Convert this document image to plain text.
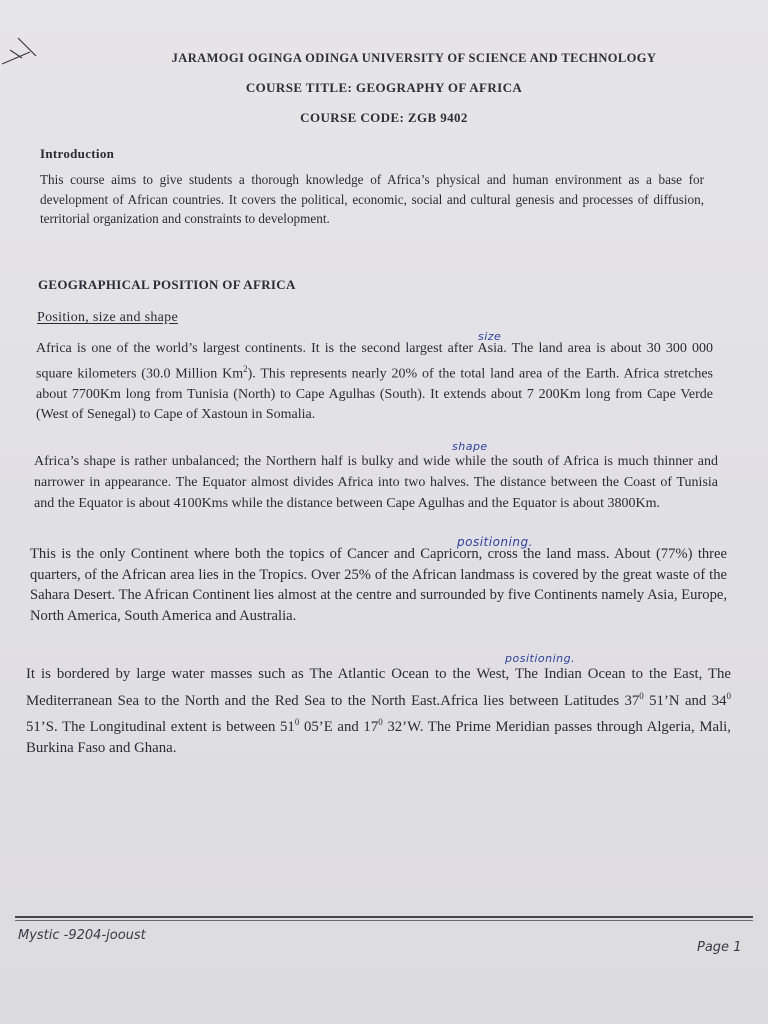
JARAMOGI OGINGA ODINGA UNIVERSITY OF SCIENCE AND TECHNOLOGY
COURSE TITLE: GEOGRAPHY OF AFRICA
COURSE CODE: ZGB 9402
Introduction
This course aims to give students a thorough knowledge of Africa’s physical and human environment as a base for development of African countries. It covers the political, economic, social and cultural genesis and processes of diffusion, territorial organization and constraints to development.
GEOGRAPHICAL POSITION OF AFRICA
Position, size and shape
size
Africa is one of the world’s largest continents. It is the second largest after Asia. The land area is about 30 300 000 square kilometers (30.0 Million Km$^2$). This represents nearly 20% of the total land area of the Earth. Africa stretches about 7700Km long from Tunisia (North) to Cape Agulhas (South). It extends about 7 200Km long from Cape Verde (West of Senegal) to Cape of Xastoun in Somalia.
shape
Africa’s shape is rather unbalanced; the Northern half is bulky and wide while the south of Africa is much thinner and narrower in appearance. The Equator almost divides Africa into two halves. The distance between the Coast of Tunisia and the Equator is about 4100Kms while the distance between Cape Agulhas and the Equator is about 3800Km.
positioning.
This is the only Continent where both the topics of Cancer and Capricorn, cross the land mass. About (77%) three quarters, of the African area lies in the Tropics. Over 25% of the African landmass is covered by the great waste of the Sahara Desert. The African Continent lies almost at the centre and surrounded by five Continents namely Asia, Europe, North America, South America and Australia.
positioning.
It is bordered by large water masses such as The Atlantic Ocean to the West, The Indian Ocean to the East, The Mediterranean Sea to the North and the Red Sea to the North East.Africa lies between Latitudes $37^0$ 51’N and $34^0$ 51’S. The Longitudinal extent is between $51^0$ 05’E and $17^0$ 32’W. The Prime Meridian passes through Algeria, Mali, Burkina Faso and Ghana.
Mystic -9204-jooust
Page 1
